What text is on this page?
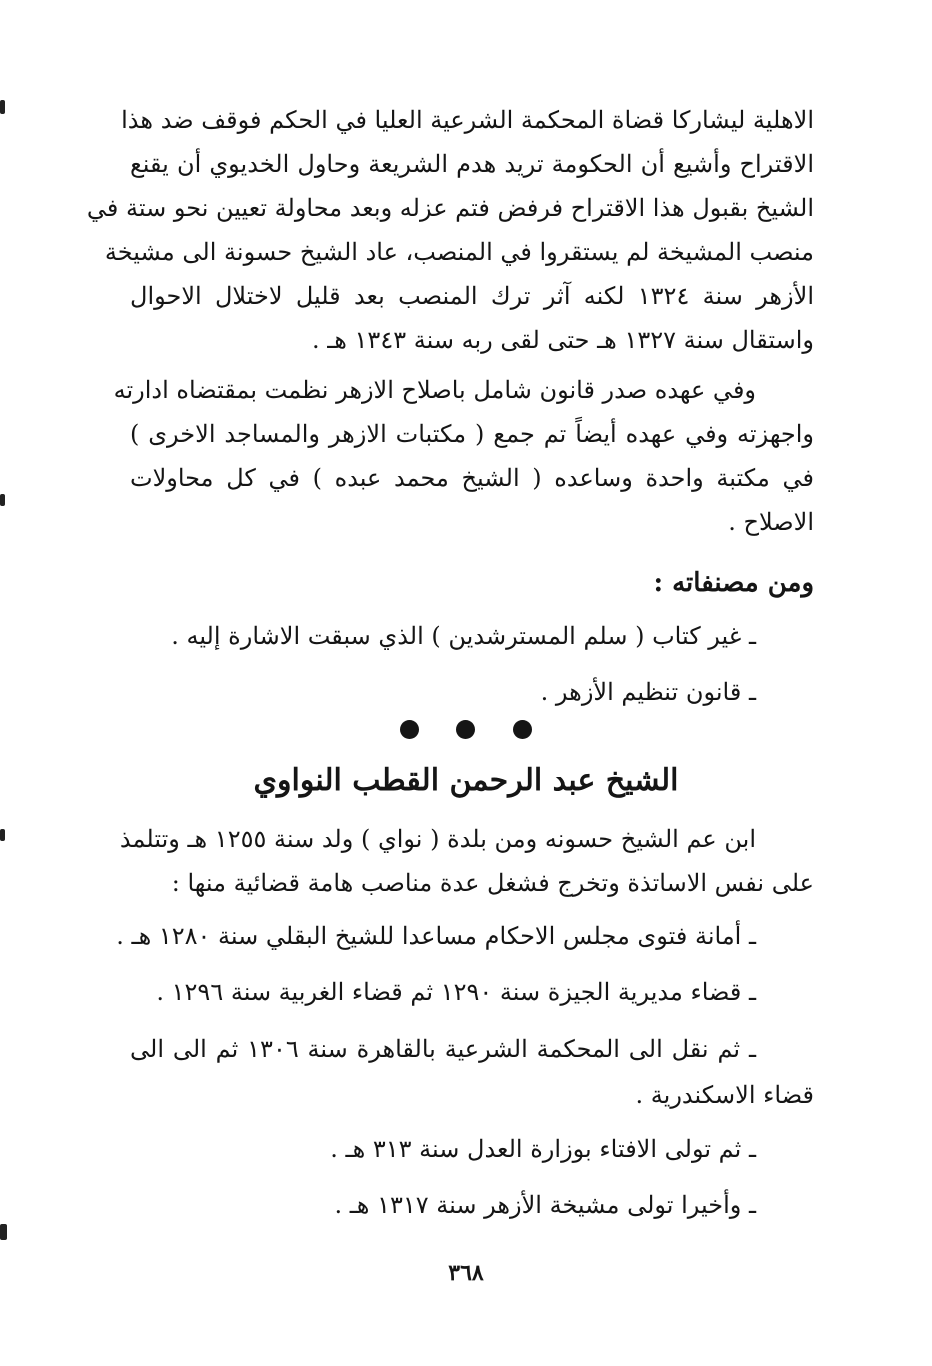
الاهلية ليشاركا قضاة المحكمة الشرعية العليا في الحكم فوقف ضد هذا
الاقتراح وأشيع أن الحكومة تريد هدم الشريعة وحاول الخديوي أن يقنع
الشيخ بقبول هذا الاقتراح فرفض فتم عزله وبعد محاولة تعيين نحو ستة في
منصب المشيخة لم يستقروا في المنصب، عاد الشيخ حسونة الى مشيخة
الأزهر سنة ١٣٢٤ لكنه آثر ترك المنصب بعد قليل لاختلال الاحوال
واستقال سنة ١٣٢٧ هـ حتى لقى ربه سنة ١٣٤٣ هـ .
وفي عهده صدر قانون شامل باصلاح الازهر نظمت بمقتضاه ادارته
واجهزته وفي عهده أيضاً تم جمع ( مكتبات الازهر والمساجد الاخرى )
في مكتبة واحدة وساعده ( الشيخ محمد عبده ) في كل محاولات
الاصلاح .
ومن مصنفاته :
ـ غير كتاب ( سلم المسترشدين ) الذي سبقت الاشارة إليه .
ـ قانون تنظيم الأزهر .
الشيخ عبد الرحمن القطب النواوي
ابن عم الشيخ حسونه ومن بلدة ( نواي ) ولد سنة ١٢٥٥ هـ وتتلمذ
على نفس الاساتذة وتخرج فشغل عدة مناصب هامة قضائية منها :
ـ أمانة فتوى مجلس الاحكام مساعدا للشيخ البقلي سنة ١٢٨٠ هـ .
ـ قضاء مديرية الجيزة سنة ١٢٩٠ ثم قضاء الغربية سنة ١٢٩٦ .
ـ ثم نقل الى المحكمة الشرعية بالقاهرة سنة ١٣٠٦ ثم الى الى
قضاء الاسكندرية .
ـ ثم تولى الافتاء بوزارة العدل سنة ٣١٣ هـ .
ـ وأخيرا تولى مشيخة الأزهر سنة ١٣١٧ هـ .
٣٦٨
